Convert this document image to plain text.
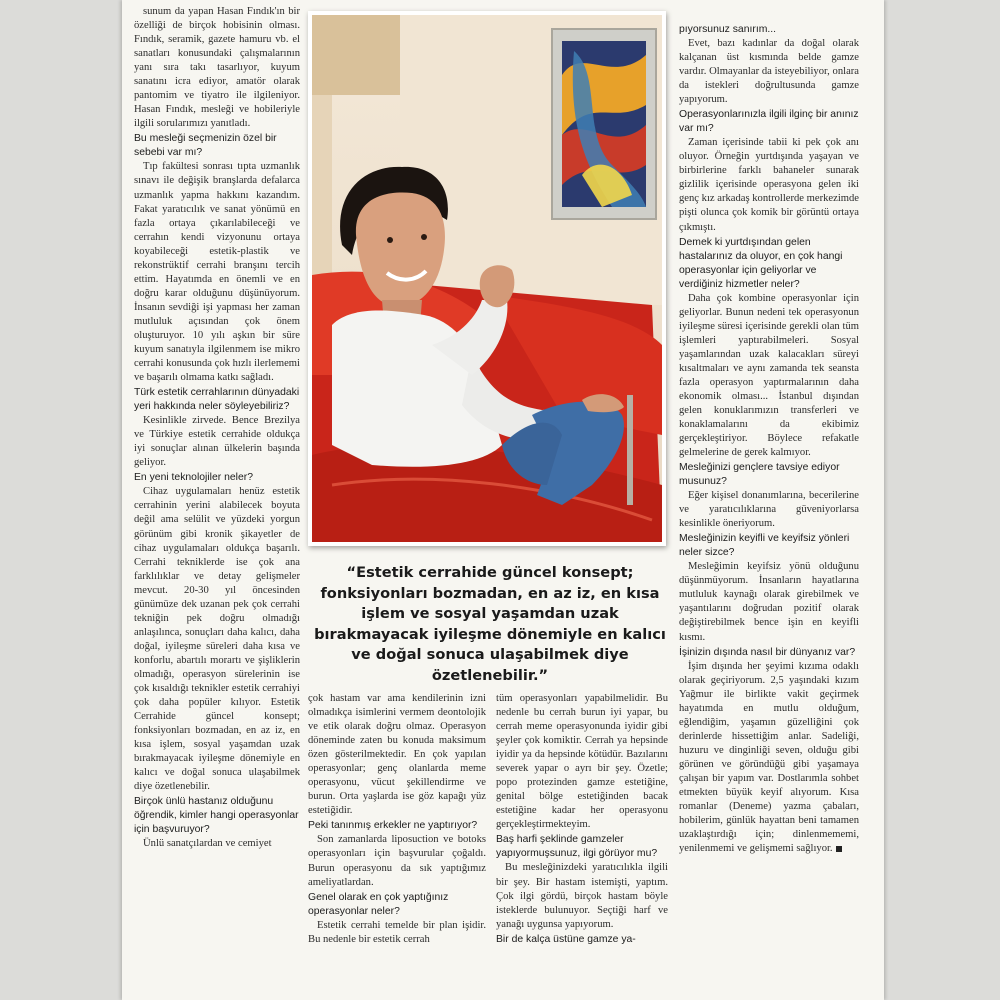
sunum da yapan Hasan Fındık'ın bir özelliği de birçok hobisinin olması. Fındık, seramik, gazete hamuru vb. el sanatları konusundaki çalışmalarının yanı sıra takı tasarlıyor, kuyum sanatını icra ediyor, amatör olarak pantomim ve tiyatro ile ilgileniyor. Hasan Fındık, mesleği ve hobileriyle ilgili sorularımızı yanıtladı.

Bu mesleği seçmenizin özel bir sebebi var mı?

Tıp fakültesi sonrası tıpta uzmanlık sınavı ile değişik branşlarda defalarca uzmanlık yapma hakkını kazandım. Fakat yaratıcılık ve sanat yönümü en fazla ortaya çıkarılabileceği ve cerrahın kendi vizyonunu ortaya koyabileceği estetik-plastik ve rekonstrüktif cerrahi branşını tercih ettim. Hayatımda en önemli ve en doğru karar olduğunu düşünüyorum. İnsanın sevdiği işi yapması her zaman mutluluk açısından çok önem oluşturuyor. 10 yılı aşkın bir süre kuyum sanatıyla ilgilenmem ise mikro cerrahi konusunda çok hızlı ilerlememi ve başarılı olmama katkı sağladı.

Türk estetik cerrahlarının dünyadaki yeri hakkında neler söyleyebiliriz?

Kesinlikle zirvede. Bence Brezilya ve Türkiye estetik cerrahide oldukça iyi sonuçlar alınan ülkelerin başında geliyor.

En yeni teknolojiler neler?

Cihaz uygulamaları henüz estetik cerrahinin yerini alabilecek boyuta değil ama selülit ve yüzdeki yorgun görünüm gibi kronik şikayetler de cihaz uygulamaları oldukça başarılı. Cerrahi tekniklerde ise çok ana farklılıklar ve detay gelişmeler mevcut. 20-30 yıl öncesinden günümüze dek uzanan pek çok cerrahi tekniğin pek doğru olmadığı anlaşılınca, sonuçları daha kalıcı, daha doğal, iyileşme süreleri daha kısa ve konforlu, abartılı morartı ve şişliklerin olmadığı, operasyon sürelerinin ise çok kısaldığı teknikler estetik cerrahiyi çok daha popüler kılıyor. Estetik Cerrahide güncel konsept; fonksiyonları bozmadan, en az iz, en kısa işlem, sosyal yaşamdan uzak bırakmayacak iyileşme dönemiyle en kalıcı ve doğal sonuca ulaşabilmek diye özetlenebilir.

Birçok ünlü hastanız olduğunu öğrendik, kimler hangi operasyonlar için başvuruyor?

Ünlü sanatçılardan ve cemiyet

“Estetik cerrahide güncel konsept; fonksiyonları bozmadan, en az iz, en kısa işlem ve sosyal yaşamdan uzak bırakmayacak iyileşme dönemiyle en kalıcı ve doğal sonuca ulaşabilmek diye özetlenebilir.”

çok hastam var ama kendilerinin izni olmadıkça isimlerini vermem deontolojik ve etik olarak doğru olmaz. Operasyon döneminde zaten bu konuda maksimum özen gösterilmektedir. En çok yapılan operasyonlar; genç olanlarda meme operasyonu, vücut şekillendirme ve burun. Orta yaşlarda ise göz kapağı yüz estetiğidir.

Peki tanınmış erkekler ne yaptırıyor?

Son zamanlarda liposuction ve botoks operasyonları için başvurular çoğaldı. Burun operasyonu da sık yaptığımız ameliyatlardan.

Genel olarak en çok yaptığınız operasyonlar neler?

Estetik cerrahi temelde bir plan işidir. Bu nedenle bir estetik cerrah

tüm operasyonları yapabilmelidir. Bu nedenle bu cerrah burun iyi yapar, bu cerrah meme operasyonunda iyidir gibi şeyler çok komiktir. Cerrah ya hepsinde iyidir ya da hepsinde kötüdür. Bazılarını severek yapar o ayrı bir şey. Özetle; popo protezinden gamze estetiğine, genital bölge estetiğinden bacak estetiğine kadar her operasyonu gerçekleştirmekteyim.

Baş harfi şeklinde gamzeler yapıyormuşsunuz, ilgi görüyor mu?

Bu mesleğinizdeki yaratıcılıkla ilgili bir şey. Bir hastam istemişti, yaptım. Çok ilgi gördü, birçok hastam böyle isteklerde bulunuyor. Seçtiği harf ve yanağı uygunsa yapıyorum.

Bir de kalça üstüne gamze ya-
pıyorsunuz sanırım...

Evet, bazı kadınlar da doğal olarak kalçanan üst kısmında belde gamze vardır. Olmayanlar da isteyebiliyor, onlara da istekleri doğrultusunda gamze yapıyorum.

Operasyonlarınızla ilgili ilginç bir anınız var mı?

Zaman içerisinde tabii ki pek çok anı oluyor. Örneğin yurtdışında yaşayan ve birbirlerine farklı bahaneler sunarak gizlilik içerisinde operasyona gelen iki genç kız arkadaş kontrollerde merkezimde pişti olunca çok komik bir görüntü ortaya çıkmıştı.

Demek ki yurtdışından gelen hastalarınız da oluyor, en çok hangi operasyonlar için geliyorlar ve verdiğiniz hizmetler neler?

Daha çok kombine operasyonlar için geliyorlar. Bunun nedeni tek operasyonun iyileşme süresi içerisinde gerekli olan tüm işlemleri yaptırabilmeleri. Sosyal yaşamlarından uzak kalacakları süreyi kısaltmaları ve aynı zamanda tek seansta fazla operasyon yaptırmalarının daha ekonomik olması... İstanbul dışından gelen konuklarımızın transferleri ve konaklamalarını da ekibimiz gerçekleştiriyor. Böylece refakatle gelmelerine de gerek kalmıyor.

Mesleğinizi gençlere tavsiye ediyor musunuz?

Eğer kişisel donanımlarına, becerilerine ve yaratıcılıklarına güveniyorlarsa kesinlikle öneriyorum.

Mesleğinizin keyifli ve keyifsiz yönleri neler sizce?

Mesleğimin keyifsiz yönü olduğunu düşünmüyorum. İnsanların hayatlarına mutluluk kaynağı olarak girebilmek ve yaşantılarını doğrudan pozitif olarak değiştirebilmek bence işin en keyifli kısmı.

İşinizin dışında nasıl bir dünyanız var?

İşim dışında her şeyimi kızıma odaklı olarak geçiriyorum. 2,5 yaşındaki kızım Yağmur ile birlikte vakit geçirmek hayatımda en mutlu olduğum, eğlendiğim, yaşamın güzelliğini çok derinlerde hissettiğim anlar. Sadeliği, huzuru ve dinginliği seven, olduğu gibi görünen ve göründüğü gibi yaşamaya çalışan bir yapım var. Dostlarımla sohbet etmekten büyük keyif alıyorum. Kısa romanlar (Deneme) yazma çabaları, hobilerim, günlük hayattan beni tamamen uzaklaştırdığı için; dinlenmememi, yenilenmemi ve gelişmemi sağlıyor.
